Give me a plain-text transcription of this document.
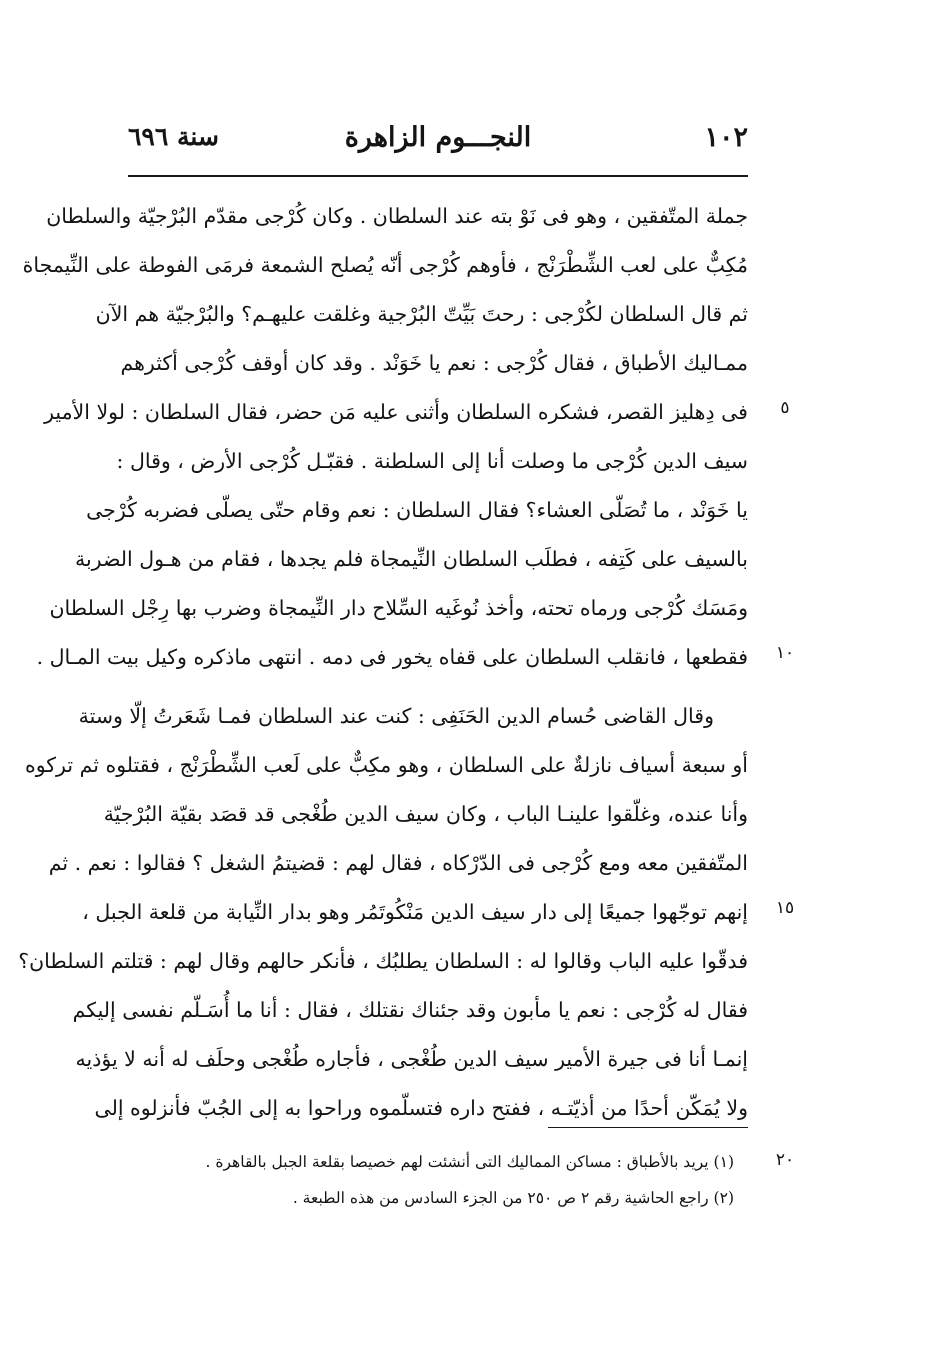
١٠٢
النجـــوم الزاهرة
سنة ٦٩٦
جملة المتّفقين ، وهو فى نَوْ بته عند السلطان . وكان كُرْجى مقدّم البُرْجيّة والسلطان
مُكِبٌّ على لعب الشِّطْرَنْج ، فأوهم كُرْجى أنّه يُصلح الشمعة فرمَى الفوطة على النِّيمجاة
ثم قال السلطان لكُرْجى : رحتَ بَيِّتّ البُرْجية وغلقت عليهـم؟ والبُرْجيّة هم الآن
ممـاليك الأطباق ، فقال كُرْجى : نعم يا خَوَنْد . وقد كان أوقف كُرْجى أكثرهم
فى دِهليز القصر، فشكره السلطان وأثنى عليه مَن حضر، فقال السلطان : لولا الأمير
سيف الدين كُرْجى ما وصلت أنا إلى السلطنة . فقبّـل كُرْجى الأرض ، وقال :
يا خَوَنْد ، ما تُصَلّى العشاء؟ فقال السلطان : نعم وقام حتّى يصلّى فضربه كُرْجى
بالسيف على كَتِفه ، فطلَب السلطان النِّيمجاة فلم يجدها ، فقام من هـول الضربة
ومَسَك كُرْجى ورماه تحته، وأخذ نُوغَيه السِّلاح دار النِّيمجاة وضرب بها رِجْل السلطان
فقطعها ، فانقلب السلطان على قفاه يخور فى دمه . انتهى ماذكره وكيل بيت المـال .
وقال القاضى حُسام الدين الحَنَفِى : كنت عند السلطان فمـا شَعَرتُ إلّا وستة
أو سبعة أسياف نازلةٌ على السلطان ، وهو مكِبٌّ على لَعب الشِّطْرَنْج ، فقتلوه ثم تركوه
وأنا عنده، وغلّقوا علينـا الباب ، وكان سيف الدين طُغْجى قد قصَد بقيّة البُرْجيّة
المتّفقين معه ومع كُرْجى فى الدّرْكاه ، فقال لهم : قضيتمُ الشغل ؟ فقالوا : نعم . ثم
إنهم توجّهوا جميعًا إلى دار سيف الدين مَنْكُوتَمُر وهو بدار النِّيابة من قلعة الجبل ،
فدقّوا عليه الباب وقالوا له : السلطان يطلبُك ، فأنكر حالهم وقال لهم : قتلتم السلطان؟
فقال له كُرْجى : نعم يا مأبون وقد جئناك نقتلك ، فقال : أنا ما أُسَـلّم نفسى إليكم
إنمـا أنا فى جيرة الأمير سيف الدين طُغْجى ، فأجاره طُغْجى وحلَف له أنه لا يؤذيه
ولا يُمَكّن أحدًا من أذيّتـه ، ففتح داره فتسلّموه وراحوا به إلى الجُبّ فأنزلوه إلى
٥
١٠
١٥
٢٠
(١) يريد بالأطباق : مساكن المماليك التى أنشئت لهم خصيصا بقلعة الجبل بالقاهرة .
(٢) راجع الحاشية رقم ٢ ص ٢٥٠ من الجزء السادس من هذه الطبعة .
